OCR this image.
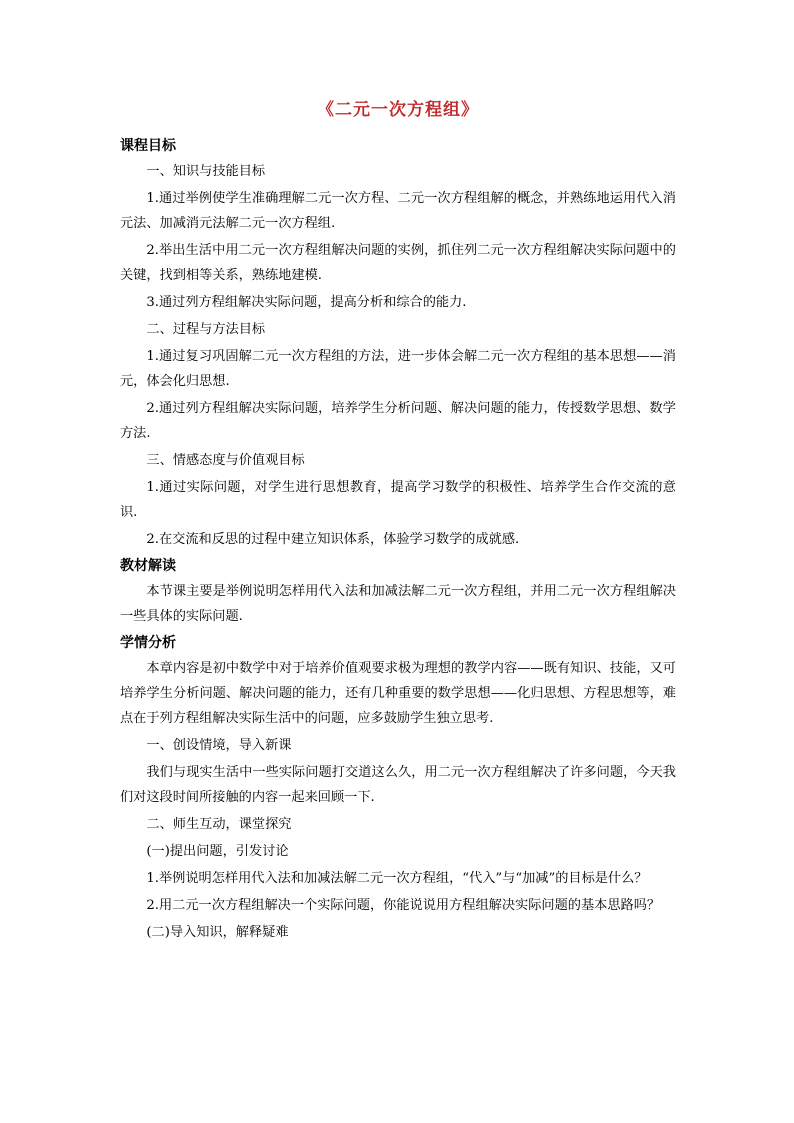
《二元一次方程组》
课程目标

一、知识与技能目标

1.通过举例使学生准确理解二元一次方程、二元一次方程组解的概念，并熟练地运用代入消元法、加减消元法解二元一次方程组.

2.举出生活中用二元一次方程组解决问题的实例，抓住列二元一次方程组解决实际问题中的关键，找到相等关系，熟练地建模.

3.通过列方程组解决实际问题，提高分析和综合的能力.

二、过程与方法目标

1.通过复习巩固解二元一次方程组的方法，进一步体会解二元一次方程组的基本思想——消元，体会化归思想.

2.通过列方程组解决实际问题，培养学生分析问题、解决问题的能力，传授数学思想、数学方法.

三、情感态度与价值观目标

1.通过实际问题，对学生进行思想教育，提高学习数学的积极性、培养学生合作交流的意识.

2.在交流和反思的过程中建立知识体系，体验学习数学的成就感.

教材解读

本节课主要是举例说明怎样用代入法和加减法解二元一次方程组，并用二元一次方程组解决一些具体的实际问题.

学情分析

本章内容是初中数学中对于培养价值观要求极为理想的教学内容——既有知识、技能，又可培养学生分析问题、解决问题的能力，还有几种重要的数学思想——化归思想、方程思想等，难点在于列方程组解决实际生活中的问题，应多鼓励学生独立思考.

一、创设情境，导入新课

我们与现实生活中一些实际问题打交道这么久，用二元一次方程组解决了许多问题，今天我们对这段时间所接触的内容一起来回顾一下.

二、师生互动，课堂探究

(一)提出问题，引发讨论

1.举例说明怎样用代入法和加减法解二元一次方程组，“代入”与“加减”的目标是什么？

2.用二元一次方程组解决一个实际问题，你能说说用方程组解决实际问题的基本思路吗？

(二)导入知识，解释疑难
